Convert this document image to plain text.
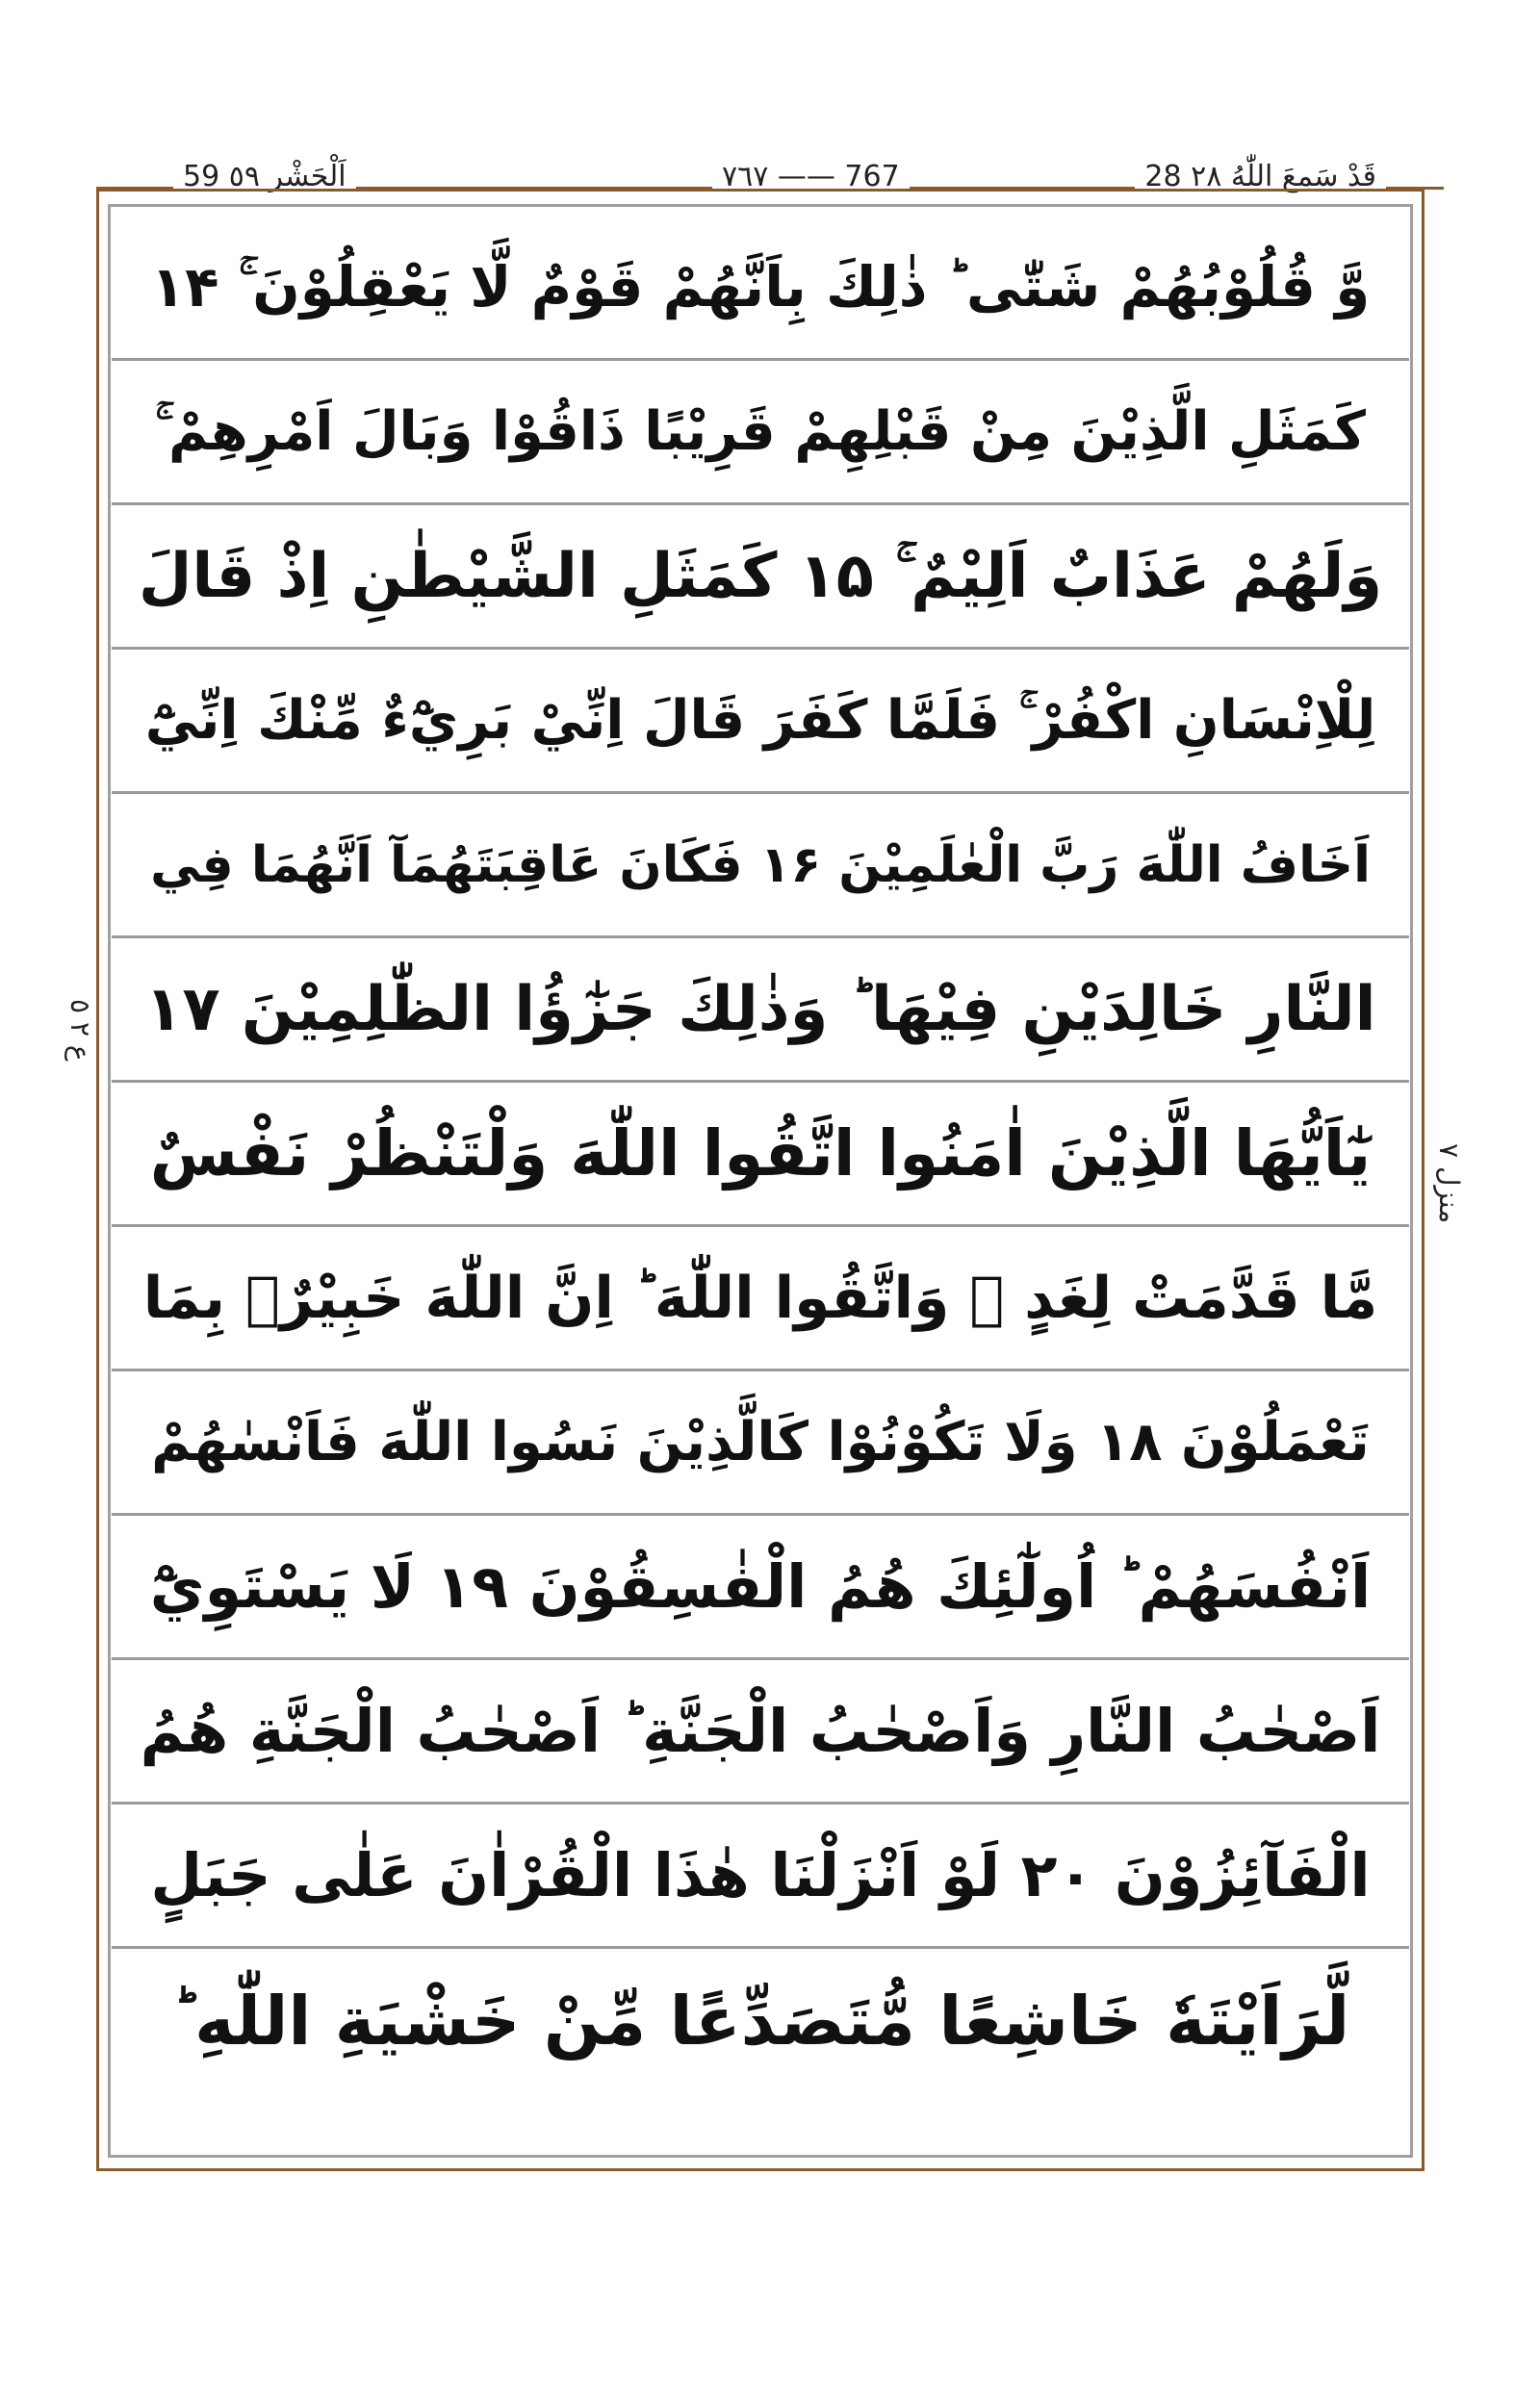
59 اَلْحَشْر ٥٩	٧٦٧ —— 767	28 قَدْ سَمِعَ اللّٰهُ ٢٨
ع ٢ ٥
منزل ٧
وَّ قُلُوْبُهُمْ شَتّٰى ؕ ذٰلِكَ بِاَنَّهُمْ قَوْمٌ لَّا يَعْقِلُوْنَ ۚ ۱۴
كَمَثَلِ الَّذِيْنَ مِنْ قَبْلِهِمْ قَرِيْبًا ذَاقُوْا وَبَالَ اَمْرِهِمْ ۚ
وَلَهُمْ عَذَابٌ اَلِيْمٌ ۚ ۱۵ كَمَثَلِ الشَّيْطٰنِ اِذْ قَالَ
لِلْاِنْسَانِ اكْفُرْ ۚ فَلَمَّا كَفَرَ قَالَ اِنِّيْ بَرِيْٓءٌ مِّنْكَ اِنِّيْٓ
اَخَافُ اللّٰهَ رَبَّ الْعٰلَمِيْنَ ۱۶ فَكَانَ عَاقِبَتَهُمَآ اَنَّهُمَا فِي
النَّارِ خَالِدَيْنِ فِيْهَا ؕ وَذٰلِكَ جَزٰٓؤُا الظّٰلِمِيْنَ ۱۷
يٰٓاَيُّهَا الَّذِيْنَ اٰمَنُوا اتَّقُوا اللّٰهَ وَلْتَنْظُرْ نَفْسٌ
مَّا قَدَّمَتْ لِغَدٍ ۚ وَاتَّقُوا اللّٰهَ ؕ اِنَّ اللّٰهَ خَبِيْرٌۢ بِمَا
تَعْمَلُوْنَ ۱۸ وَلَا تَكُوْنُوْا كَالَّذِيْنَ نَسُوا اللّٰهَ فَاَنْسٰهُمْ
اَنْفُسَهُمْ ؕ اُولٰٓئِكَ هُمُ الْفٰسِقُوْنَ ۱۹ لَا يَسْتَوِيْٓ
اَصْحٰبُ النَّارِ وَاَصْحٰبُ الْجَنَّةِ ؕ اَصْحٰبُ الْجَنَّةِ هُمُ
الْفَآئِزُوْنَ ۲۰ لَوْ اَنْزَلْنَا هٰذَا الْقُرْاٰنَ عَلٰى جَبَلٍ
لَّرَاَيْتَهٗ خَاشِعًا مُّتَصَدِّعًا مِّنْ خَشْيَةِ اللّٰهِ ؕ
